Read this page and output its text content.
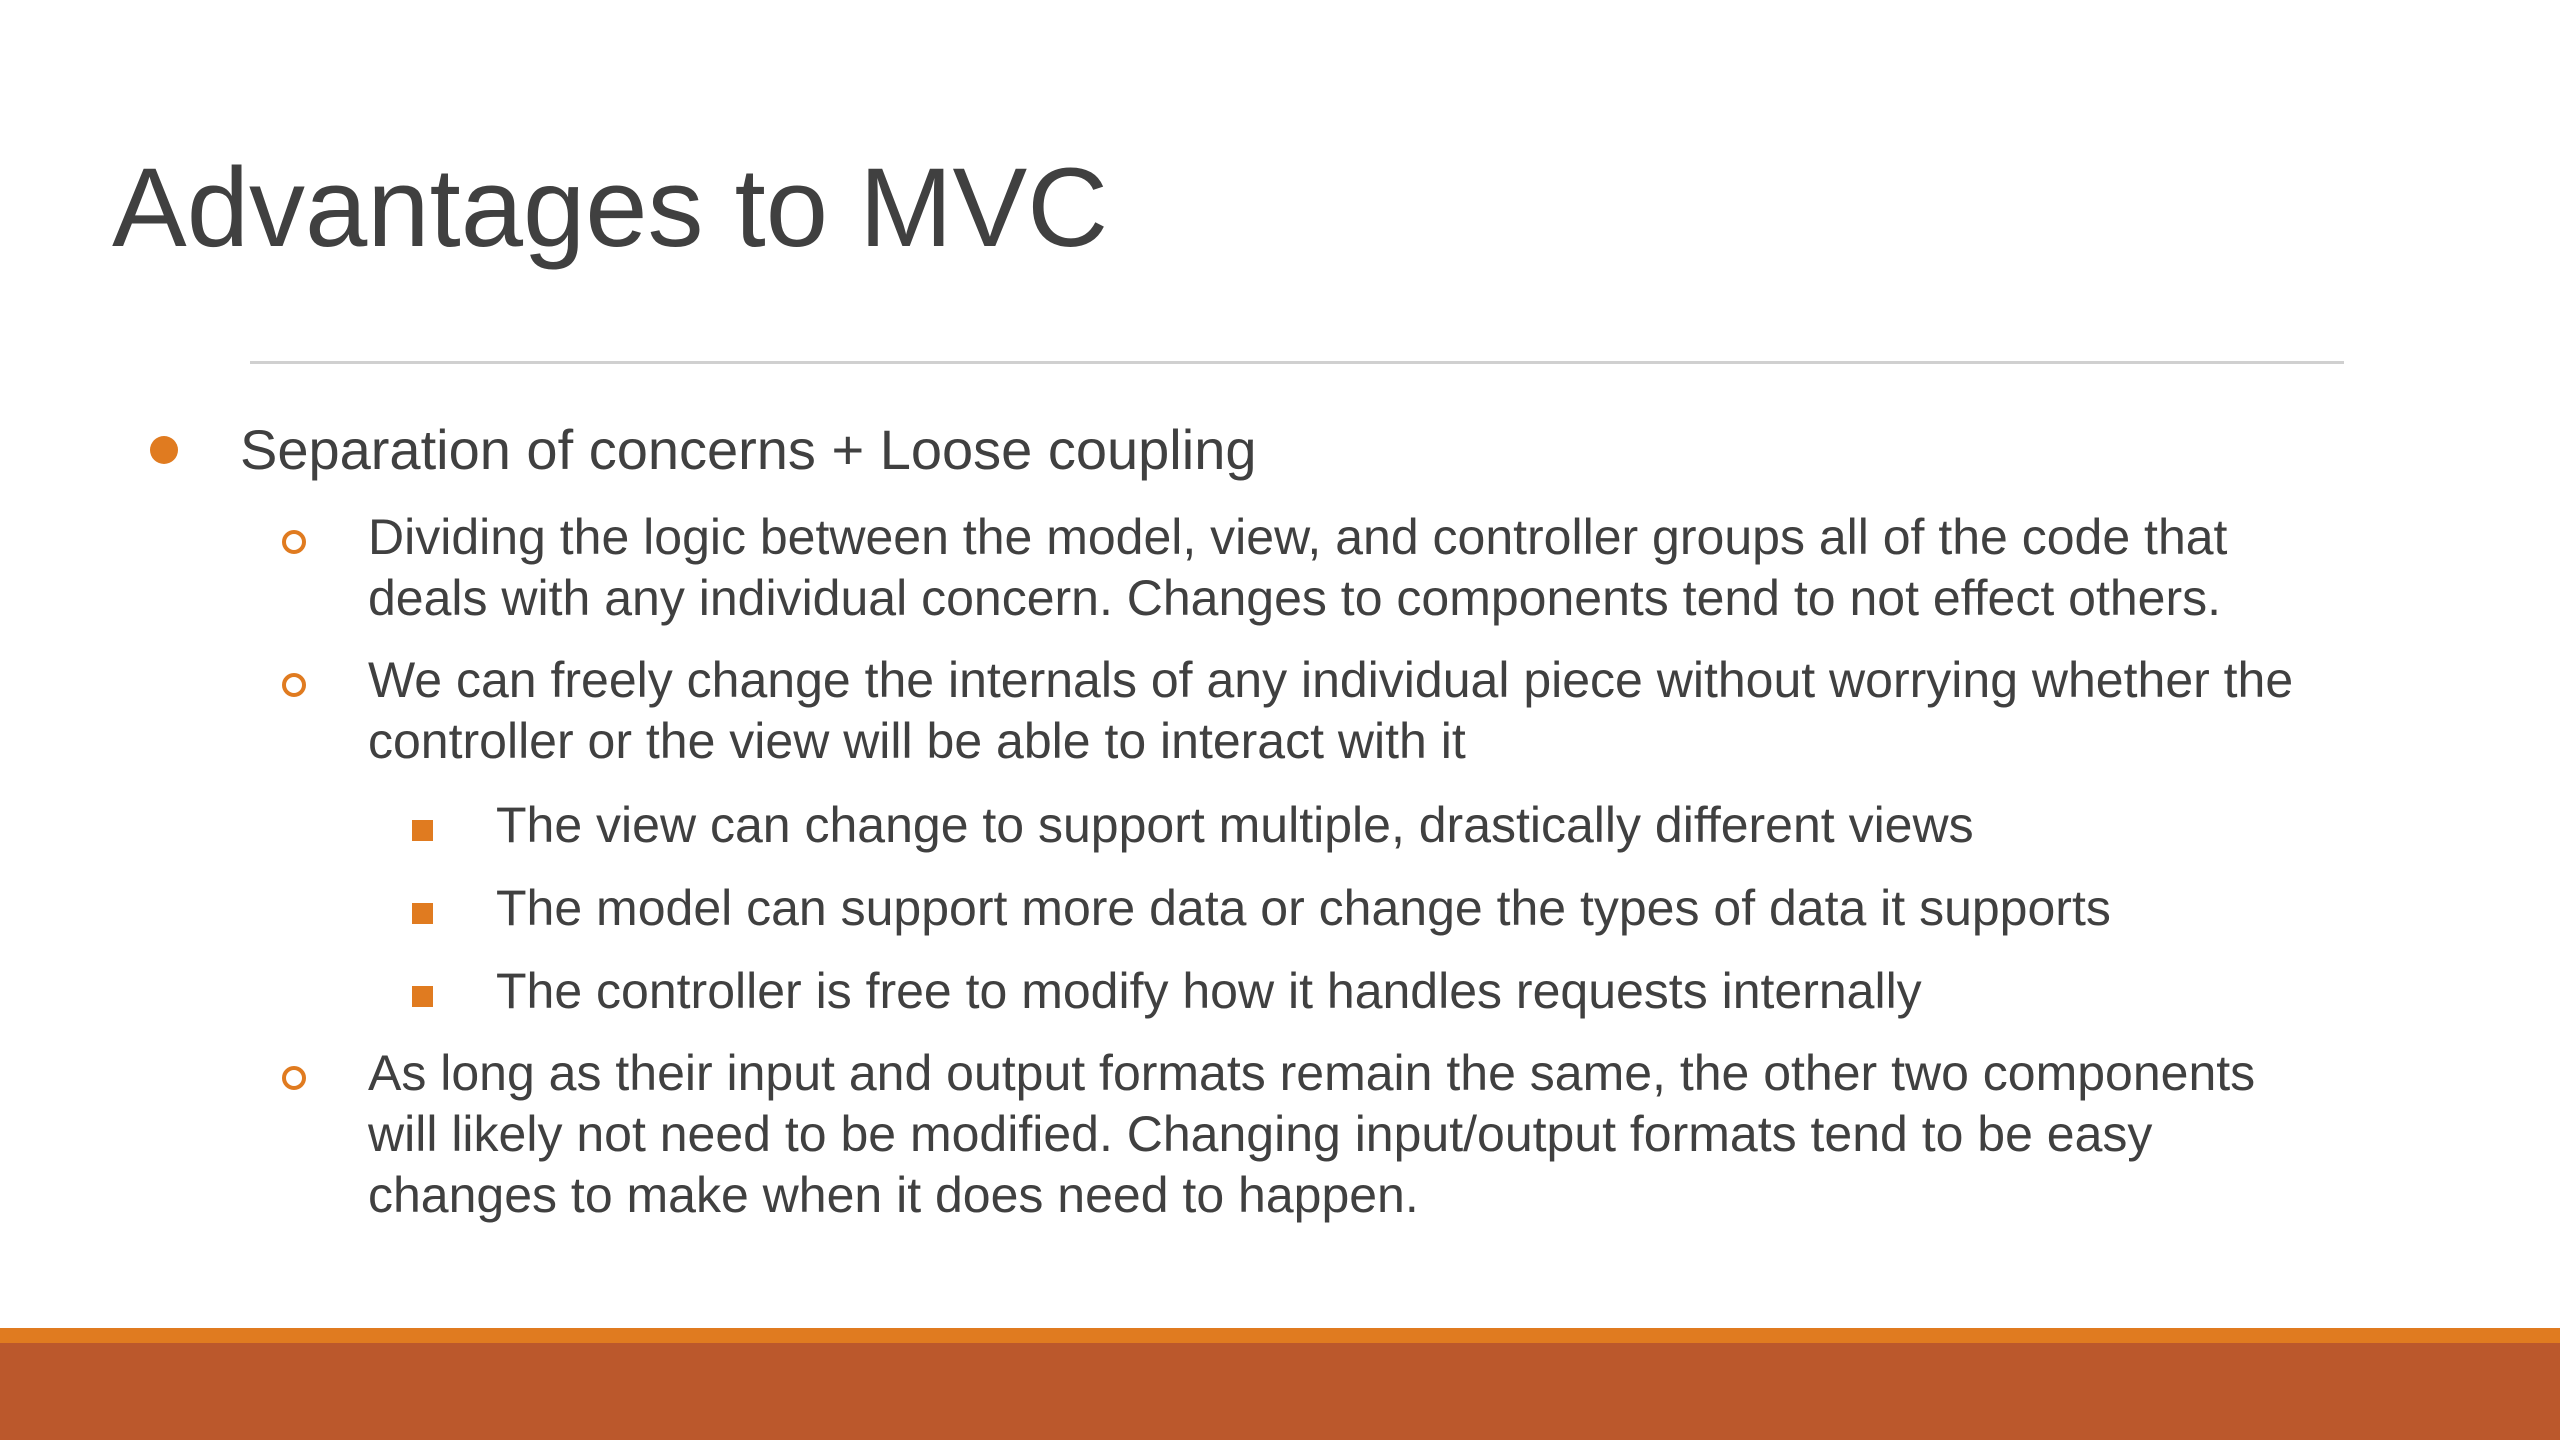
Advantages to MVC

Separation of concerns + Loose coupling

Dividing the logic between the model, view, and controller groups all of the code that

deals with any individual concern. Changes to components tend to not effect others.

We can freely change the internals of any individual piece without worrying whether the

controller or the view will be able to interact with it

The view can change to support multiple, drastically different views

The model can support more data or change the types of data it supports

The controller is free to modify how it handles requests internally

As long as their input and output formats remain the same, the other two components

will likely not need to be modified. Changing input/output formats tend to be easy

changes to make when it does need to happen.
